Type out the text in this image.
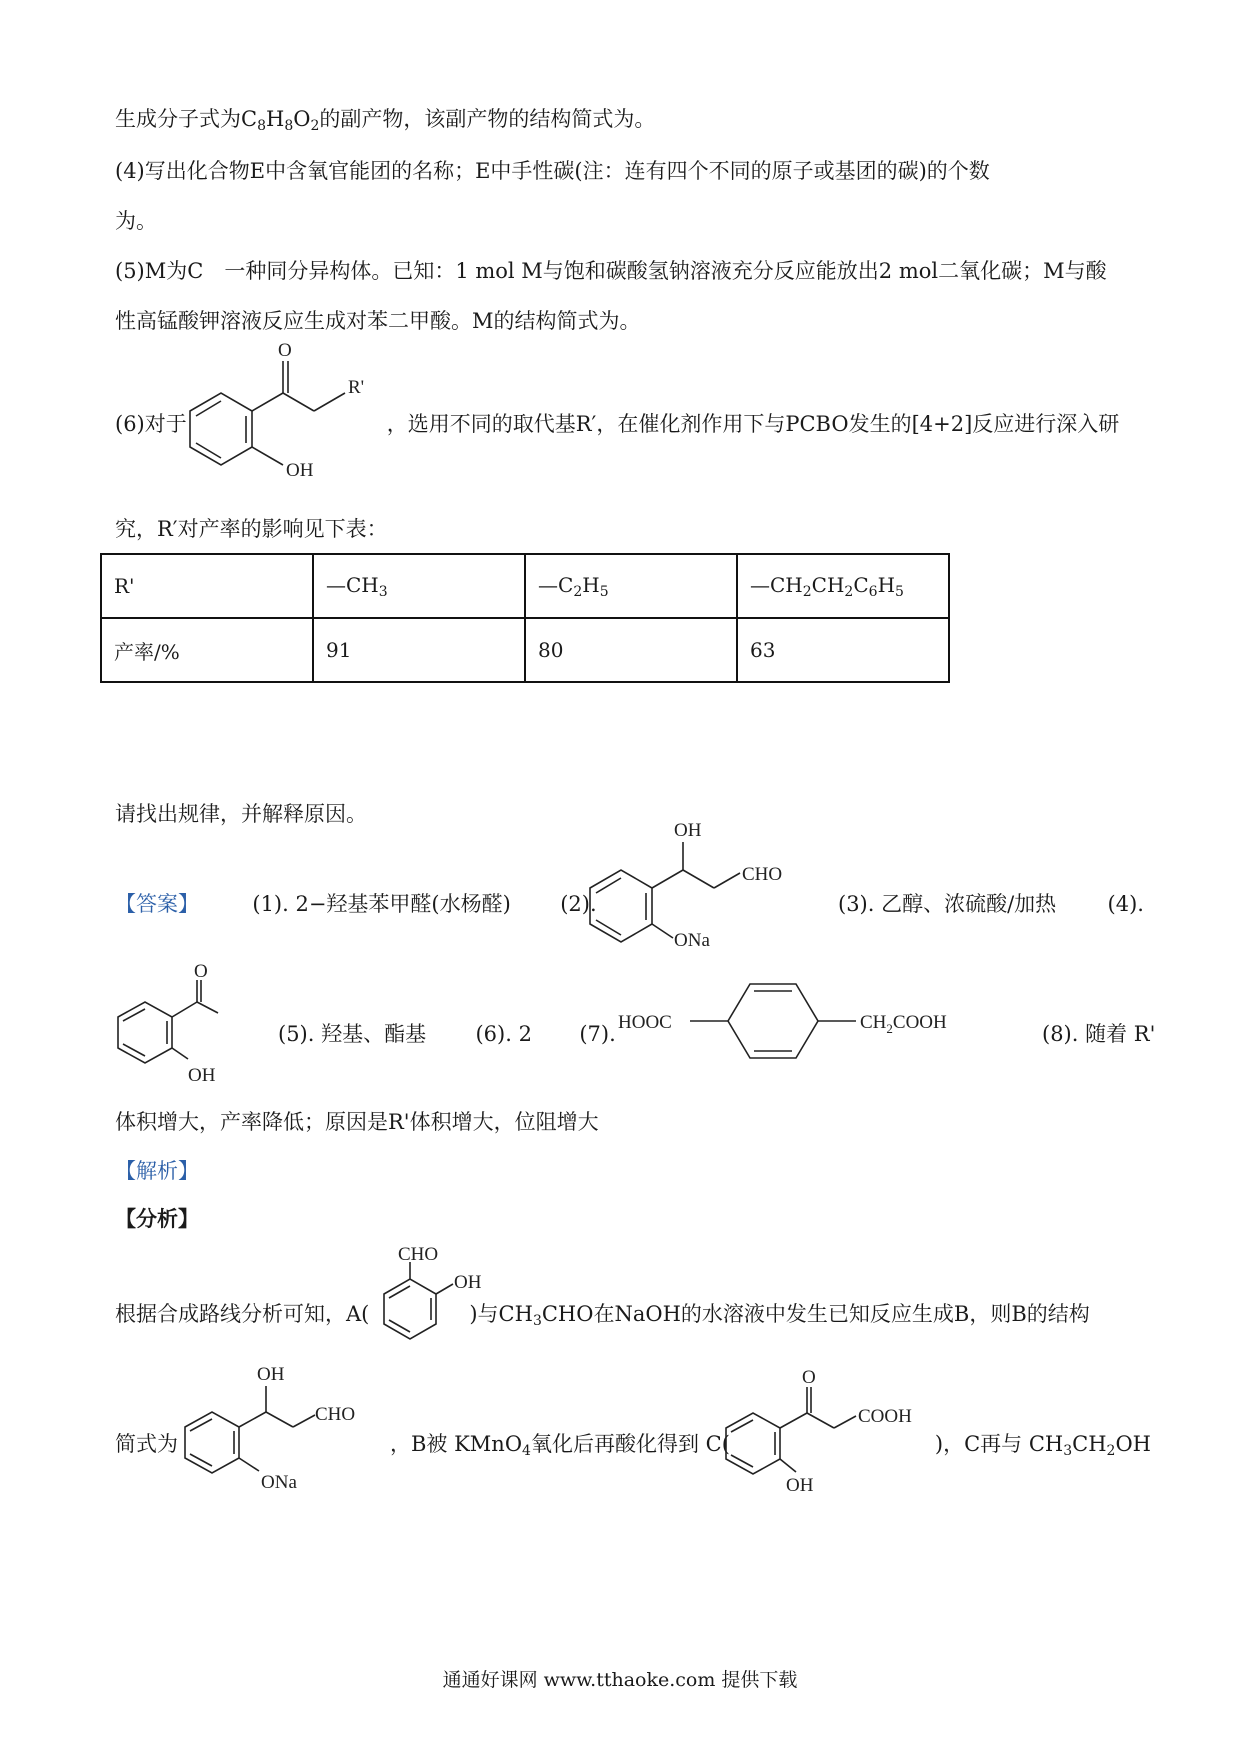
生成分子式为$C_8H_8O_2$的副产物，该副产物的结构简式为。
(4)写出化合物E中含氧官能团的名称；E中手性碳(注：连有四个不同的原子或基团的碳)的个数
为。
(5)M为C　一种同分异构体。已知：1 mol M与饱和碳酸氢钠溶液充分反应能放出2 mol二氧化碳；M与酸
性高锰酸钾溶液反应生成对苯二甲酸。M的结构简式为。
(6)对于	，选用不同的取代基R′，在催化剂作用下与PCBO发生的[4+2]反应进行深入研
O
R'
OH
究，R′对产率的影响见下表：
R'	$—CH_3$	$—C_2H_5$	$—CH_2CH_2C_6H_5$
产率/%	91	80	63
请找出规律，并解释原因。
【答案】	(1). 2−羟基苯甲醛(水杨醛) (2).
OH
CHO
ONa
(3). 乙醇、浓硫酸/加热 (4).
O
OH
(5). 羟基、酯基 (6). 2 (7). HOOC	$CH_2COOH$	(8). 随着 R'
体积增大，产率降低；原因是R'体积增大，位阻增大
【解析】
【分析】
根据合成路线分析可知，A(	)与$CH_3CHO$在NaOH的水溶液中发生已知反应生成B，则B的结构
CHO
OH
简式为	，B被 KMnO$_4$氧化后再酸化得到 C(	)，C再与 $CH_3CH_2OH$
OH
CHO
ONa
O
COOH
OH
通通好课网 www.tthaoke.com 提供下载
